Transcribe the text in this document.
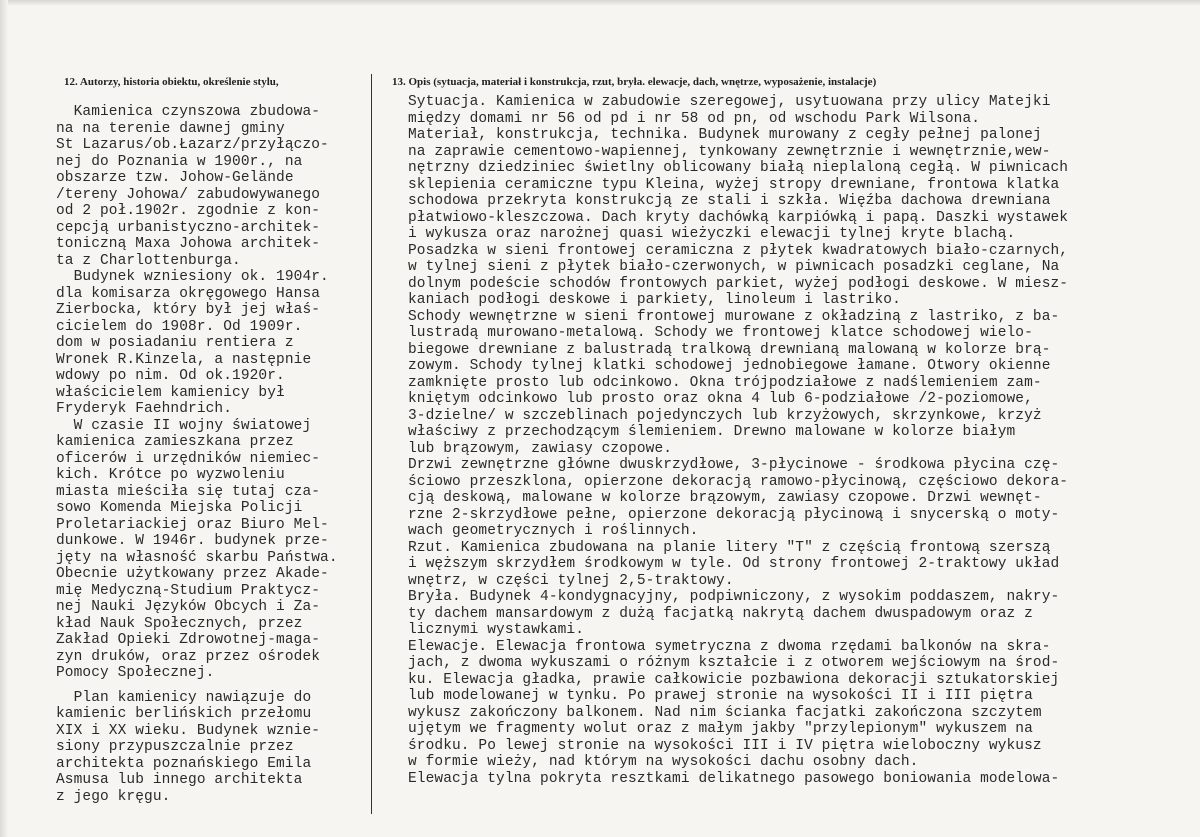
12. Autorzy, historia obiektu, określenie stylu,	13. Opis (sytuacja, materiał i konstrukcja, rzut, bryła. elewacje, dach, wnętrze, wyposażenie, instalacje)
Kamienica czynszowa zbudowa-
na na terenie dawnej gminy
St Lazarus/ob.Łazarz/przyłączo-
nej do Poznania w 1900r., na
obszarze tzw. Johow-Gelände
/tereny Johowa/ zabudowywanego
od 2 poł.1902r. zgodnie z kon-
cepcją urbanistyczno-architek-
toniczną Maxa Johowa architek-
ta z Charlottenburga.
Budynek wzniesiony ok. 1904r.
dla komisarza okręgowego Hansa
Zierbocka, który był jej właś-
cicielem do 1908r. Od 1909r.
dom w posiadaniu rentiera z
Wronek R.Kinzela, a następnie
wdowy po nim. Od ok.1920r.
właścicielem kamienicy był
Fryderyk Faehndrich.
W czasie II wojny światowej
kamienica zamieszkana przez
oficerów i urzędników niemiec-
kich. Krótce po wyzwoleniu
miasta mieściła się tutaj cza-
sowo Komenda Miejska Policji
Proletariackiej oraz Biuro Mel-
dunkowe. W 1946r. budynek prze-
jęty na własność skarbu Państwa.
Obecnie użytkowany przez Akade-
mię Medyczną-Studium Praktycz-
nej Nauki Języków Obcych i Za-
kład Nauk Społecznych, przez
Zakład Opieki Zdrowotnej-maga-
zyn druków, oraz przez ośrodek
Pomocy Społecznej.
Plan kamienicy nawiązuje do
kamienic berlińskich przełomu
XIX i XX wieku. Budynek wznie-
siony przypuszczalnie przez
architekta poznańskiego Emila
Asmusa lub innego architekta
z jego kręgu.
Sytuacja. Kamienica w zabudowie szeregowej, usytuowana przy ulicy Matejki
między domami nr 56 od pd i nr 58 od pn, od wschodu Park Wilsona.
Materiał, konstrukcja, technika. Budynek murowany z cegły pełnej palonej
na zaprawie cementowo-wapiennej, tynkowany zewnętrznie i wewnętrznie,wew-
nętrzny dziedziniec świetlny oblicowany białą nieplaloną cegłą. W piwnicach
sklepienia ceramiczne typu Kleina, wyżej stropy drewniane, frontowa klatka
schodowa przekryta konstrukcją ze stali i szkła. Więźba dachowa drewniana
płatwiowo-kleszczowa. Dach kryty dachówką karpiówką i papą. Daszki wystawek
i wykusza oraz narożnej quasi wieżyczki elewacji tylnej kryte blachą.
Posadzka w sieni frontowej ceramiczna z płytek kwadratowych biało-czarnych,
w tylnej sieni z płytek biało-czerwonych, w piwnicach posadzki ceglane, Na
dolnym podeście schodów frontowych parkiet, wyżej podłogi deskowe. W miesz-
kaniach podłogi deskowe i parkiety, linoleum i lastriko.
Schody wewnętrzne w sieni frontowej murowane z okładziną z lastriko, z ba-
lustradą murowano-metalową. Schody we frontowej klatce schodowej wielo-
biegowe drewniane z balustradą tralkową drewnianą malowaną w kolorze brą-
zowym. Schody tylnej klatki schodowej jednobiegowe łamane. Otwory okienne
zamknięte prosto lub odcinkowo. Okna trójpodziałowe z nadślemieniem zam-
kniętym odcinkowo lub prosto oraz okna 4 lub 6-podziałowe /2-poziomowe,
3-dzielne/ w szczeblinach pojedynczych lub krzyżowych, skrzynkowe, krzyż
właściwy z przechodzącym ślemieniem. Drewno malowane w kolorze białym
lub brązowym, zawiasy czopowe.
Drzwi zewnętrzne główne dwuskrzydłowe, 3-płycinowe - środkowa płycina czę-
ściowo przeszklona, opierzone dekoracją ramowo-płycinową, częściowo dekora-
cją deskową, malowane w kolorze brązowym, zawiasy czopowe. Drzwi wewnęt-
rzne 2-skrzydłowe pełne, opierzone dekoracją płycinową i snycerską o moty-
wach geometrycznych i roślinnych.
Rzut. Kamienica zbudowana na planie litery "T" z częścią frontową szerszą
i węższym skrzydłem środkowym w tyle. Od strony frontowej 2-traktowy układ
wnętrz, w części tylnej 2,5-traktowy.
Bryła. Budynek 4-kondygnacyjny, podpiwniczony, z wysokim poddaszem, nakry-
ty dachem mansardowym z dużą facjatką nakrytą dachem dwuspadowym oraz z
licznymi wystawkami.
Elewacje. Elewacja frontowa symetryczna z dwoma rzędami balkonów na skra-
jach, z dwoma wykuszami o różnym kształcie i z otworem wejściowym na środ-
ku. Elewacja gładka, prawie całkowicie pozbawiona dekoracji sztukatorskiej
lub modelowanej w tynku. Po prawej stronie na wysokości II i III piętra
wykusz zakończony balkonem. Nad nim ścianka facjatki zakończona szczytem
ujętym we fragmenty wolut oraz z małym jakby "przylepionym" wykuszem na
środku. Po lewej stronie na wysokości III i IV piętra wieloboczny wykusz
w formie wieży, nad którym na wysokości dachu osobny dach.
Elewacja tylna pokryta resztkami delikatnego pasowego boniowania modelowa-
